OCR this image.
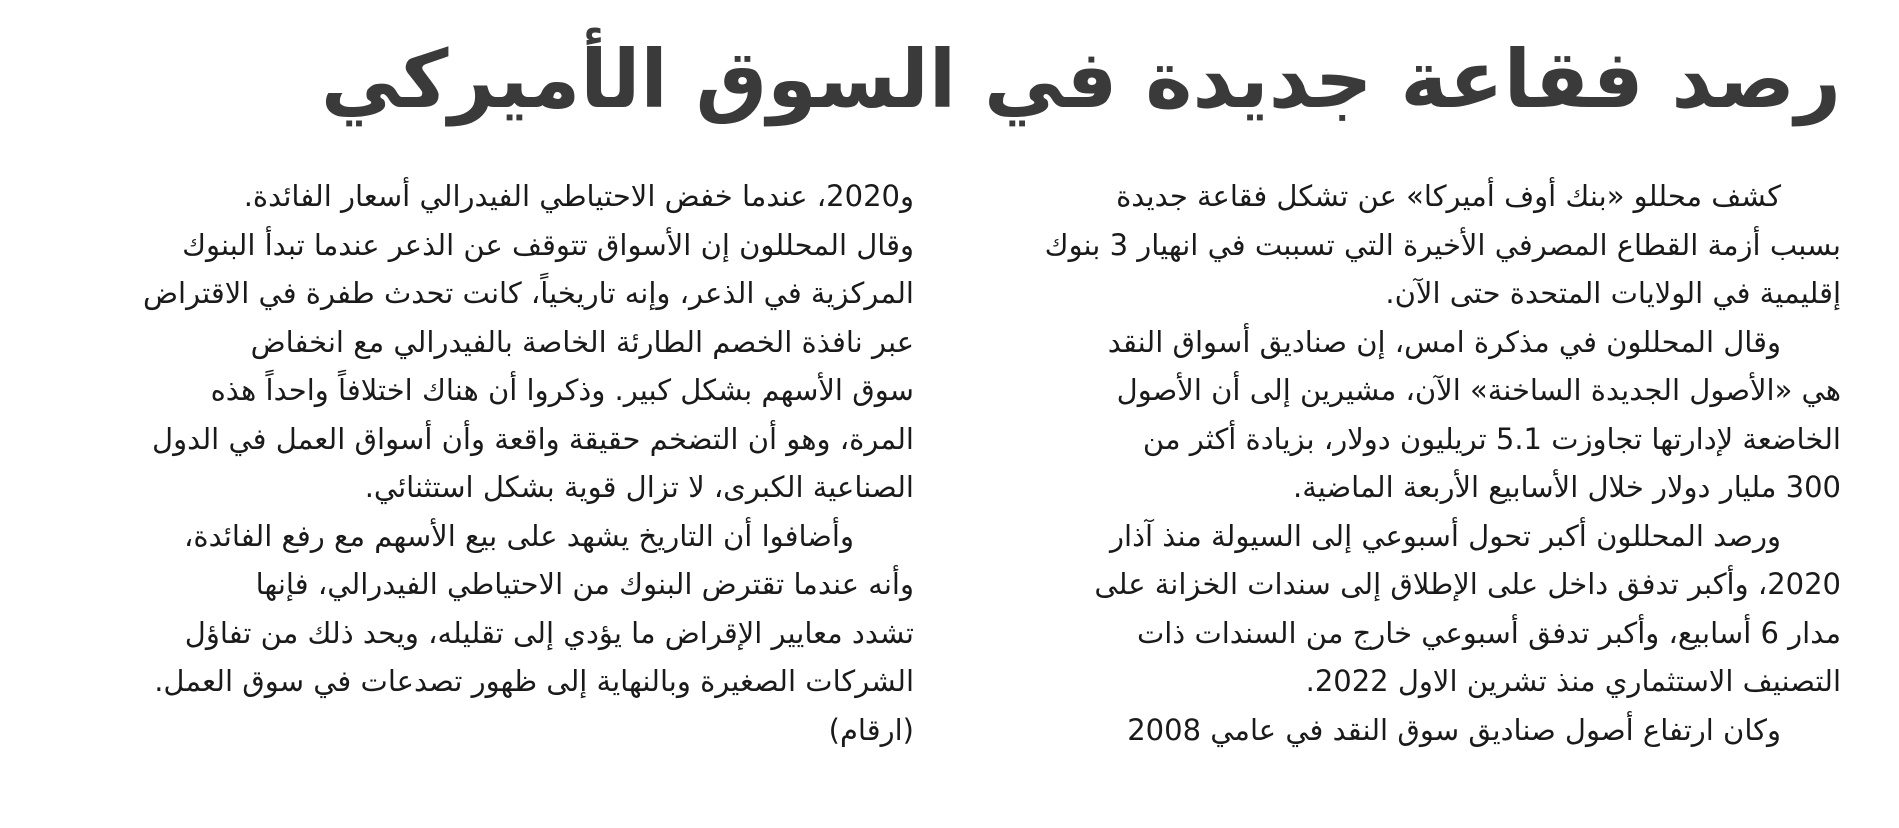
رصد فقاعة جديدة في السوق الأميركي
كشف محللو «بنك أوف أميركا» عن تشكل فقاعة جديدة
بسبب أزمة القطاع المصرفي الأخيرة التي تسببت في انهيار 3 بنوك
إقليمية في الولايات المتحدة حتى الآن.
وقال المحللون في مذكرة امس، إن صناديق أسواق النقد
هي «الأصول الجديدة الساخنة» الآن، مشيرين إلى أن الأصول
الخاضعة لإدارتها تجاوزت 5.1 تريليون دولار، بزيادة أكثر من
300 مليار دولار خلال الأسابيع الأربعة الماضية.
ورصد المحللون أكبر تحول أسبوعي إلى السيولة منذ آذار
2020، وأكبر تدفق داخل على الإطلاق إلى سندات الخزانة على
مدار 6 أسابيع، وأكبر تدفق أسبوعي خارج من السندات ذات
التصنيف الاستثماري منذ تشرين الاول 2022.
وكان ارتفاع أصول صناديق سوق النقد في عامي 2008
و2020، عندما خفض الاحتياطي الفيدرالي أسعار الفائدة.
وقال المحللون إن الأسواق تتوقف عن الذعر عندما تبدأ البنوك
المركزية في الذعر، وإنه تاريخياً، كانت تحدث طفرة في الاقتراض
عبر نافذة الخصم الطارئة الخاصة بالفيدرالي مع انخفاض
سوق الأسهم بشكل كبير. وذكروا أن هناك اختلافاً واحداً هذه
المرة، وهو أن التضخم حقيقة واقعة وأن أسواق العمل في الدول
الصناعية الكبرى، لا تزال قوية بشكل استثنائي.
وأضافوا أن التاريخ يشهد على بيع الأسهم مع رفع الفائدة،
وأنه عندما تقترض البنوك من الاحتياطي الفيدرالي، فإنها
تشدد معايير الإقراض ما يؤدي إلى تقليله، ويحد ذلك من تفاؤل
الشركات الصغيرة وبالنهاية إلى ظهور تصدعات في سوق العمل.
(ارقام)
